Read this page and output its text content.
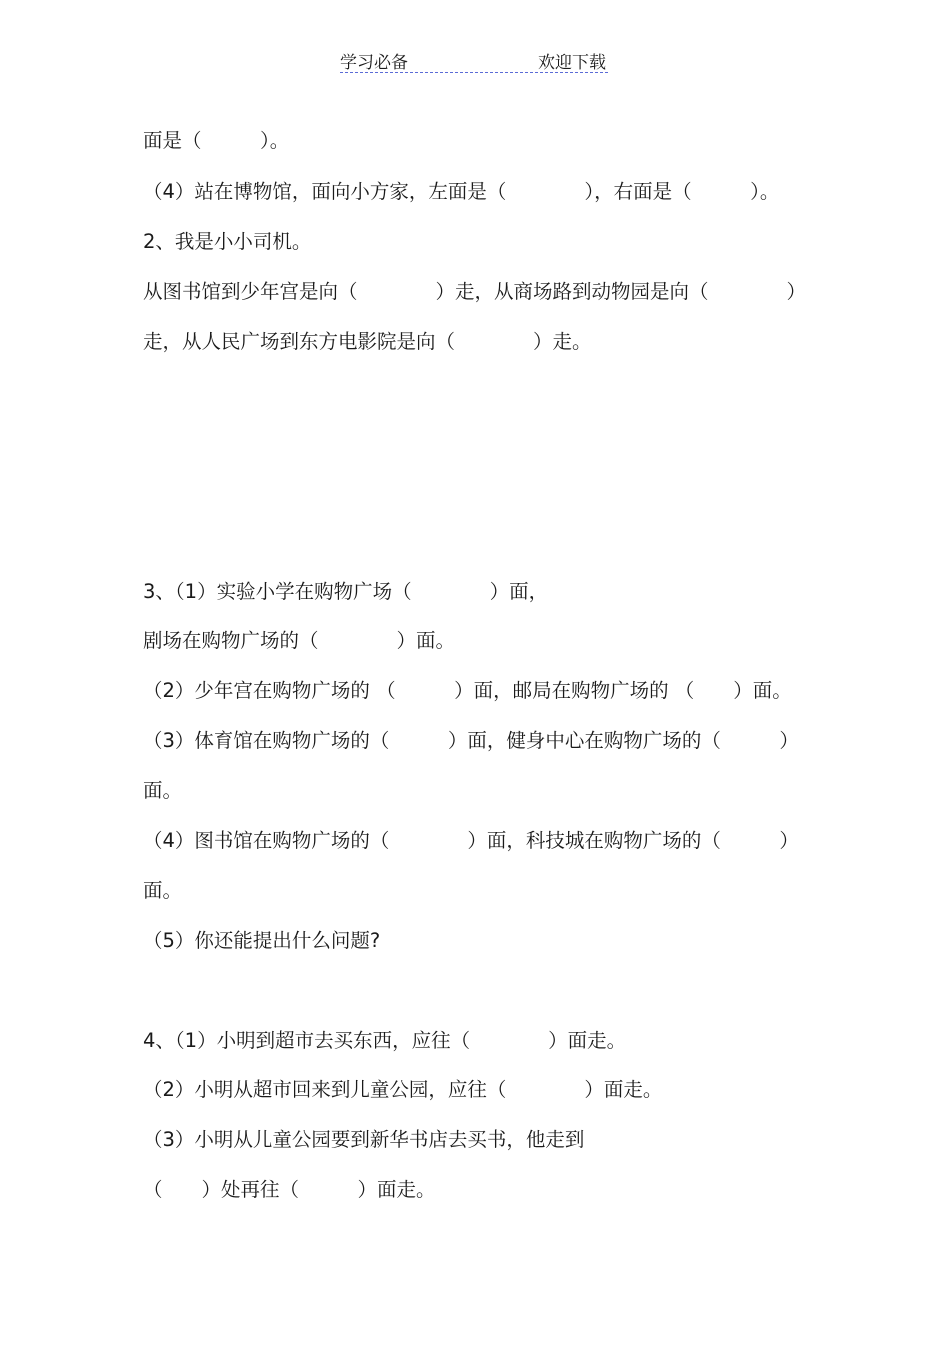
学习必备	欢迎下载
面是（　　　）。
（4）站在博物馆，面向小方家，左面是（　　　　），右面是（　　　）。
2、我是小小司机。
从图书馆到少年宫是向（　　　　）走，从商场路到动物园是向（　　　　）
走，从人民广场到东方电影院是向（　　　　）走。
3、（1）实验小学在购物广场（　　　　）面，
剧场在购物广场的（　　　　）面。
（2）少年宫在购物广场的 （　　　）面，邮局在购物广场的 （　　）面。
（3）体育馆在购物广场的（　　　）面，健身中心在购物广场的（　　　）
面。
（4）图书馆在购物广场的（　　　　）面，科技城在购物广场的（　　　）
面。
（5）你还能提出什么问题?
4、（1）小明到超市去买东西，应往（　　　　）面走。
（2）小明从超市回来到儿童公园，应往（　　　　）面走。
（3）小明从儿童公园要到新华书店去买书，他走到
（　　）处再往（　　　）面走。
